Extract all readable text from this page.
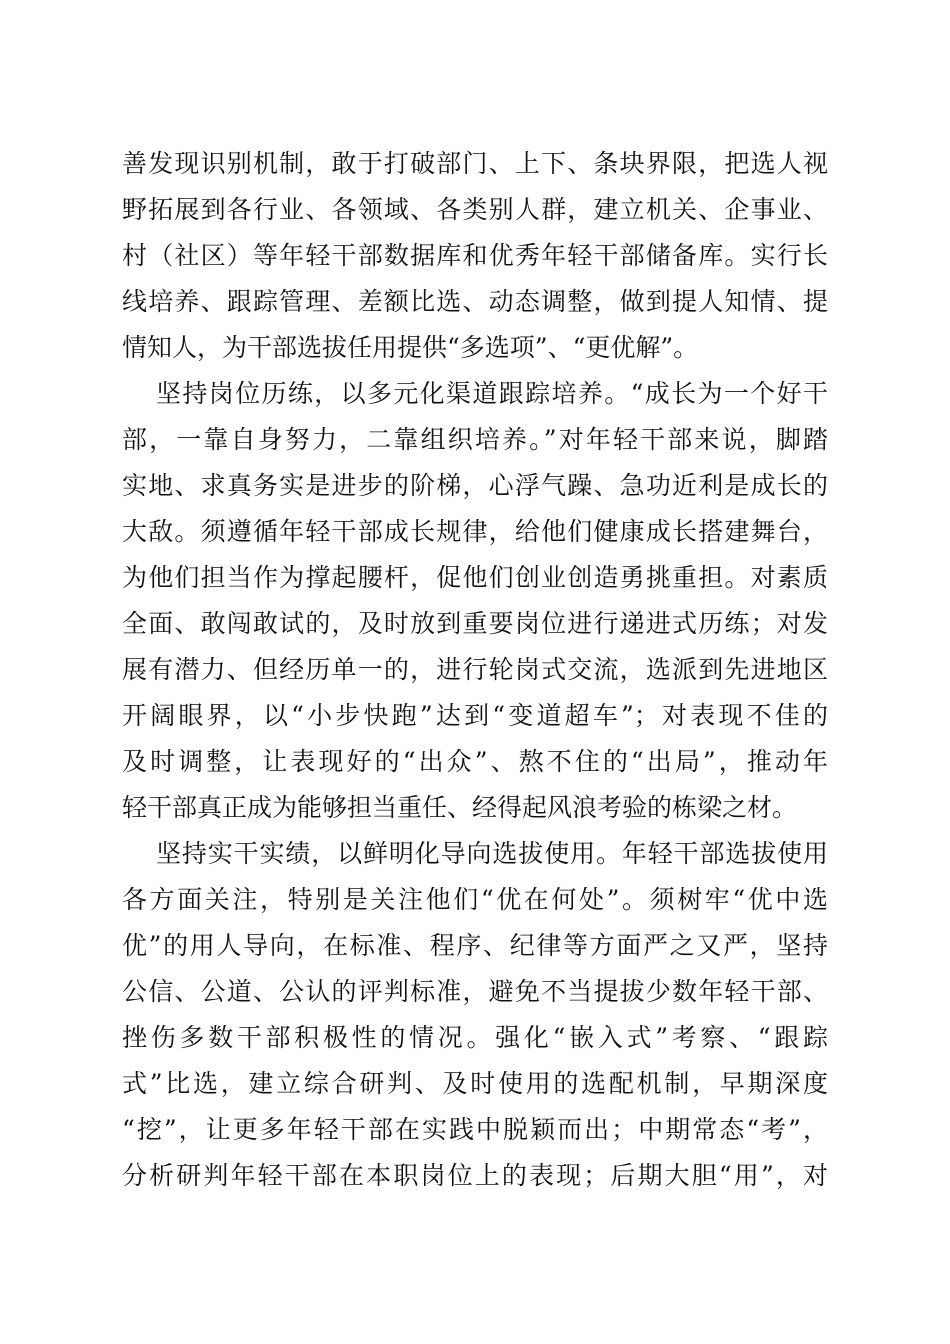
善发现识别机制，敢于打破部门、上下、条块界限，把选人视
野拓展到各行业、各领域、各类别人群，建立机关、企事业、
村（社区）等年轻干部数据库和优秀年轻干部储备库。实行长
线培养、跟踪管理、差额比选、动态调整，做到提人知情、提
情知人，为干部选拔任用提供“多选项”、“更优解”。
坚持岗位历练，以多元化渠道跟踪培养。“成长为一个好干
部，一靠自身努力，二靠组织培养。”对年轻干部来说，脚踏
实地、求真务实是进步的阶梯，心浮气躁、急功近利是成长的
大敌。须遵循年轻干部成长规律，给他们健康成长搭建舞台，
为他们担当作为撑起腰杆，促他们创业创造勇挑重担。对素质
全面、敢闯敢试的，及时放到重要岗位进行递进式历练；对发
展有潜力、但经历单一的，进行轮岗式交流，选派到先进地区
开阔眼界，以“小步快跑”达到“变道超车”；对表现不佳的
及时调整，让表现好的“出众”、熬不住的“出局”，推动年
轻干部真正成为能够担当重任、经得起风浪考验的栋梁之材。
坚持实干实绩，以鲜明化导向选拔使用。年轻干部选拔使用
各方面关注，特别是关注他们“优在何处”。须树牢“优中选
优”的用人导向，在标准、程序、纪律等方面严之又严，坚持
公信、公道、公认的评判标准，避免不当提拔少数年轻干部、
挫伤多数干部积极性的情况。强化“嵌入式”考察、“跟踪
式”比选，建立综合研判、及时使用的选配机制，早期深度
“挖”，让更多年轻干部在实践中脱颖而出；中期常态“考”，
分析研判年轻干部在本职岗位上的表现；后期大胆“用”，对
